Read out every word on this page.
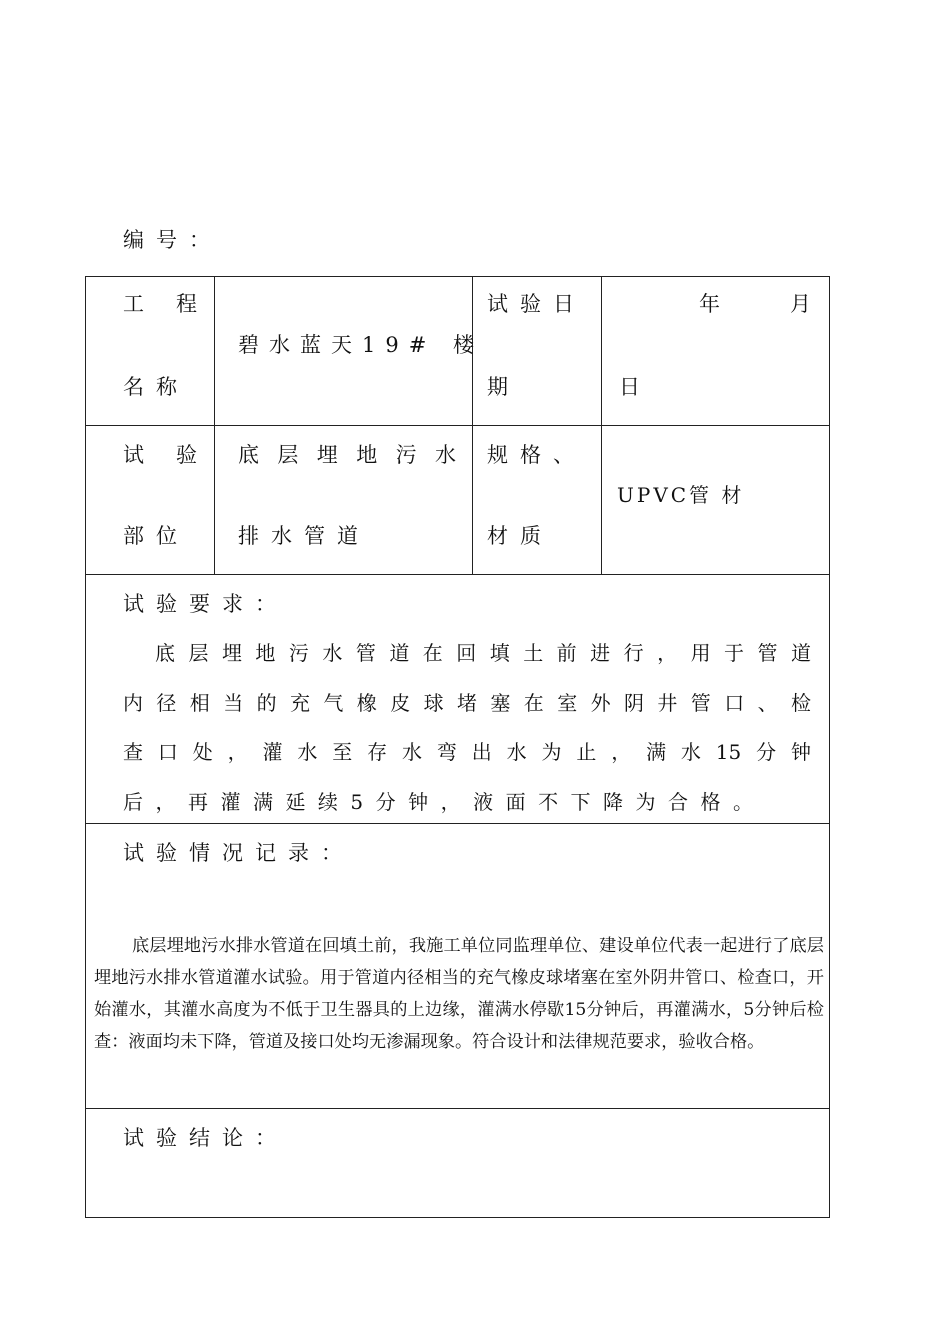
编号：
工 程
名称
碧水蓝天19# 楼
试验日
期
年	月
日
试 验
部位
底层埋地污水
排水管道
规格、
材质
UPVC管 材
试验要求：
底层埋地污水管道在回填土前进行，用于管道
内径相当的充气橡皮球堵塞在室外阴井管口、检
查口处，灌水至存水弯出水为止，满水15分钟
后，再灌满延续5分钟，液面不下降为合格。
试验情况记录：
底层埋地污水排水管道在回填土前，我施工单位同监理单位、建设单位代表一起进行了底层埋地污水排水管道灌水试验。用于管道内径相当的充气橡皮球堵塞在室外阴井管口、检查口，开始灌水，其灌水高度为不低于卫生器具的上边缘，灌满水停歇15分钟后，再灌满水，5分钟后检查：液面均未下降，管道及接口处均无渗漏现象。符合设计和法律规范要求，验收合格。
试验结论：
